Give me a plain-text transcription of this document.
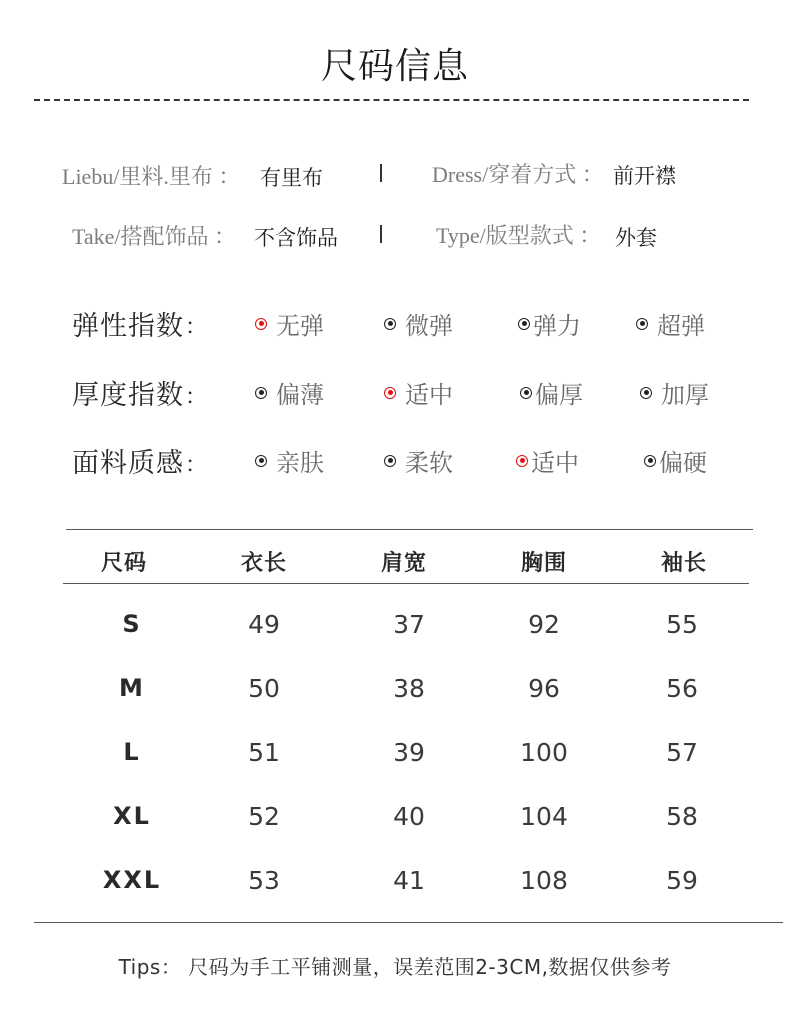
尺码信息
Liebu/里料.里布 ： 有里布	Dress/穿着方式 ： 前开襟
Take/搭配饰品 ： 不含饰品	Type/版型款式 ： 外套
弹性指数 ：	无弹	微弹	弹力	超弹
厚度指数 ：	偏薄	适中	偏厚	加厚
面料质感 ：	亲肤	柔软	适中	偏硬
尺码	衣长	肩宽	胸围	袖长
S	49	37	92	55
M	50	38	96	56
L	51	39	100	57
XL	52	40	104	58
XXL	53	41	108	59
Tips： 尺码为手工平铺测量，误差范围2-3CM,数据仅供参考
